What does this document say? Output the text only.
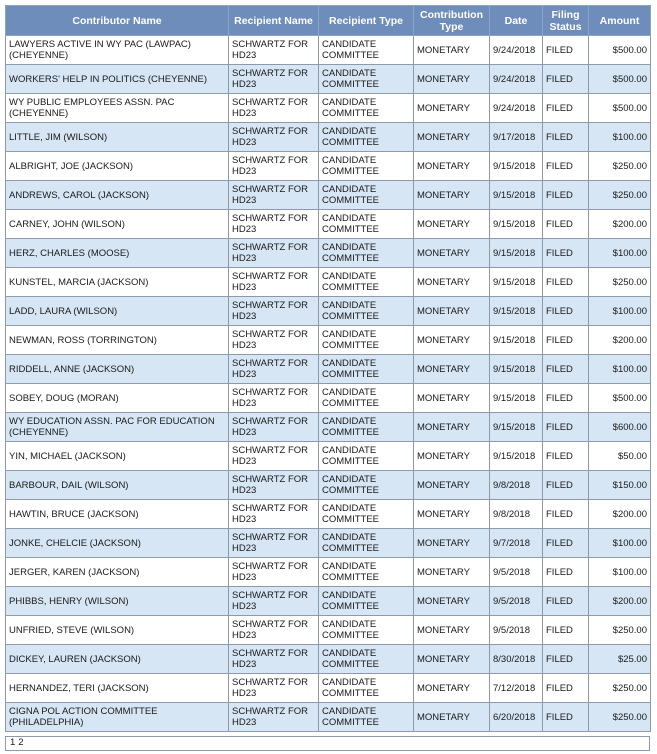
Contributor Name	Recipient Name	Recipient Type	Contribution Type	Date	Filing Status	Amount
LAWYERS ACTIVE IN WY PAC (LAWPAC) (CHEYENNE)	SCHWARTZ FOR HD23	CANDIDATE COMMITTEE	MONETARY	9/24/2018	FILED	$500.00
WORKERS' HELP IN POLITICS (CHEYENNE)	SCHWARTZ FOR HD23	CANDIDATE COMMITTEE	MONETARY	9/24/2018	FILED	$500.00
WY PUBLIC EMPLOYEES ASSN. PAC (CHEYENNE)	SCHWARTZ FOR HD23	CANDIDATE COMMITTEE	MONETARY	9/24/2018	FILED	$500.00
LITTLE, JIM (WILSON)	SCHWARTZ FOR HD23	CANDIDATE COMMITTEE	MONETARY	9/17/2018	FILED	$100.00
ALBRIGHT, JOE (JACKSON)	SCHWARTZ FOR HD23	CANDIDATE COMMITTEE	MONETARY	9/15/2018	FILED	$250.00
ANDREWS, CAROL (JACKSON)	SCHWARTZ FOR HD23	CANDIDATE COMMITTEE	MONETARY	9/15/2018	FILED	$250.00
CARNEY, JOHN (WILSON)	SCHWARTZ FOR HD23	CANDIDATE COMMITTEE	MONETARY	9/15/2018	FILED	$200.00
HERZ, CHARLES (MOOSE)	SCHWARTZ FOR HD23	CANDIDATE COMMITTEE	MONETARY	9/15/2018	FILED	$100.00
KUNSTEL, MARCIA (JACKSON)	SCHWARTZ FOR HD23	CANDIDATE COMMITTEE	MONETARY	9/15/2018	FILED	$250.00
LADD, LAURA (WILSON)	SCHWARTZ FOR HD23	CANDIDATE COMMITTEE	MONETARY	9/15/2018	FILED	$100.00
NEWMAN, ROSS (TORRINGTON)	SCHWARTZ FOR HD23	CANDIDATE COMMITTEE	MONETARY	9/15/2018	FILED	$200.00
RIDDELL, ANNE (JACKSON)	SCHWARTZ FOR HD23	CANDIDATE COMMITTEE	MONETARY	9/15/2018	FILED	$100.00
SOBEY, DOUG (MORAN)	SCHWARTZ FOR HD23	CANDIDATE COMMITTEE	MONETARY	9/15/2018	FILED	$500.00
WY EDUCATION ASSN. PAC FOR EDUCATION (CHEYENNE)	SCHWARTZ FOR HD23	CANDIDATE COMMITTEE	MONETARY	9/15/2018	FILED	$600.00
YIN, MICHAEL (JACKSON)	SCHWARTZ FOR HD23	CANDIDATE COMMITTEE	MONETARY	9/15/2018	FILED	$50.00
BARBOUR, DAIL (WILSON)	SCHWARTZ FOR HD23	CANDIDATE COMMITTEE	MONETARY	9/8/2018	FILED	$150.00
HAWTIN, BRUCE (JACKSON)	SCHWARTZ FOR HD23	CANDIDATE COMMITTEE	MONETARY	9/8/2018	FILED	$200.00
JONKE, CHELCIE (JACKSON)	SCHWARTZ FOR HD23	CANDIDATE COMMITTEE	MONETARY	9/7/2018	FILED	$100.00
JERGER, KAREN (JACKSON)	SCHWARTZ FOR HD23	CANDIDATE COMMITTEE	MONETARY	9/5/2018	FILED	$100.00
PHIBBS, HENRY (WILSON)	SCHWARTZ FOR HD23	CANDIDATE COMMITTEE	MONETARY	9/5/2018	FILED	$200.00
UNFRIED, STEVE (WILSON)	SCHWARTZ FOR HD23	CANDIDATE COMMITTEE	MONETARY	9/5/2018	FILED	$250.00
DICKEY, LAUREN (JACKSON)	SCHWARTZ FOR HD23	CANDIDATE COMMITTEE	MONETARY	8/30/2018	FILED	$25.00
HERNANDEZ, TERI (JACKSON)	SCHWARTZ FOR HD23	CANDIDATE COMMITTEE	MONETARY	7/12/2018	FILED	$250.00
CIGNA POL ACTION COMMITTEE (PHILADELPHIA)	SCHWARTZ FOR HD23	CANDIDATE COMMITTEE	MONETARY	6/20/2018	FILED	$250.00
1 2
